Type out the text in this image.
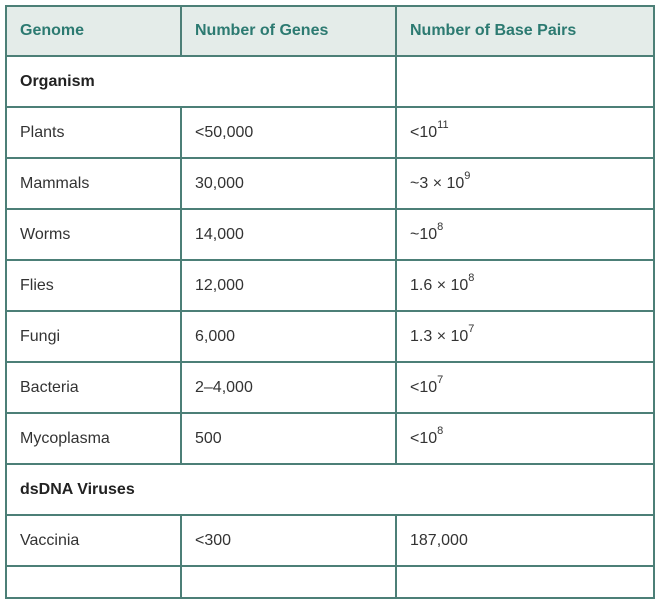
Genome	Number of Genes	Number of Base Pairs
Organism		
Plants	<50,000	$<10^{11}$
Mammals	30,000	~3 × $10^9$
Worms	14,000	$\sim 10^8$
Flies	12,000	$1.6 \times 10^8$
Fungi	6,000	$1.3 \times 10^7$
Bacteria	2–4,000	$<10^7$
Mycoplasma	500	$<10^8$
dsDNA Viruses		
Vaccinia	<300	187,000
